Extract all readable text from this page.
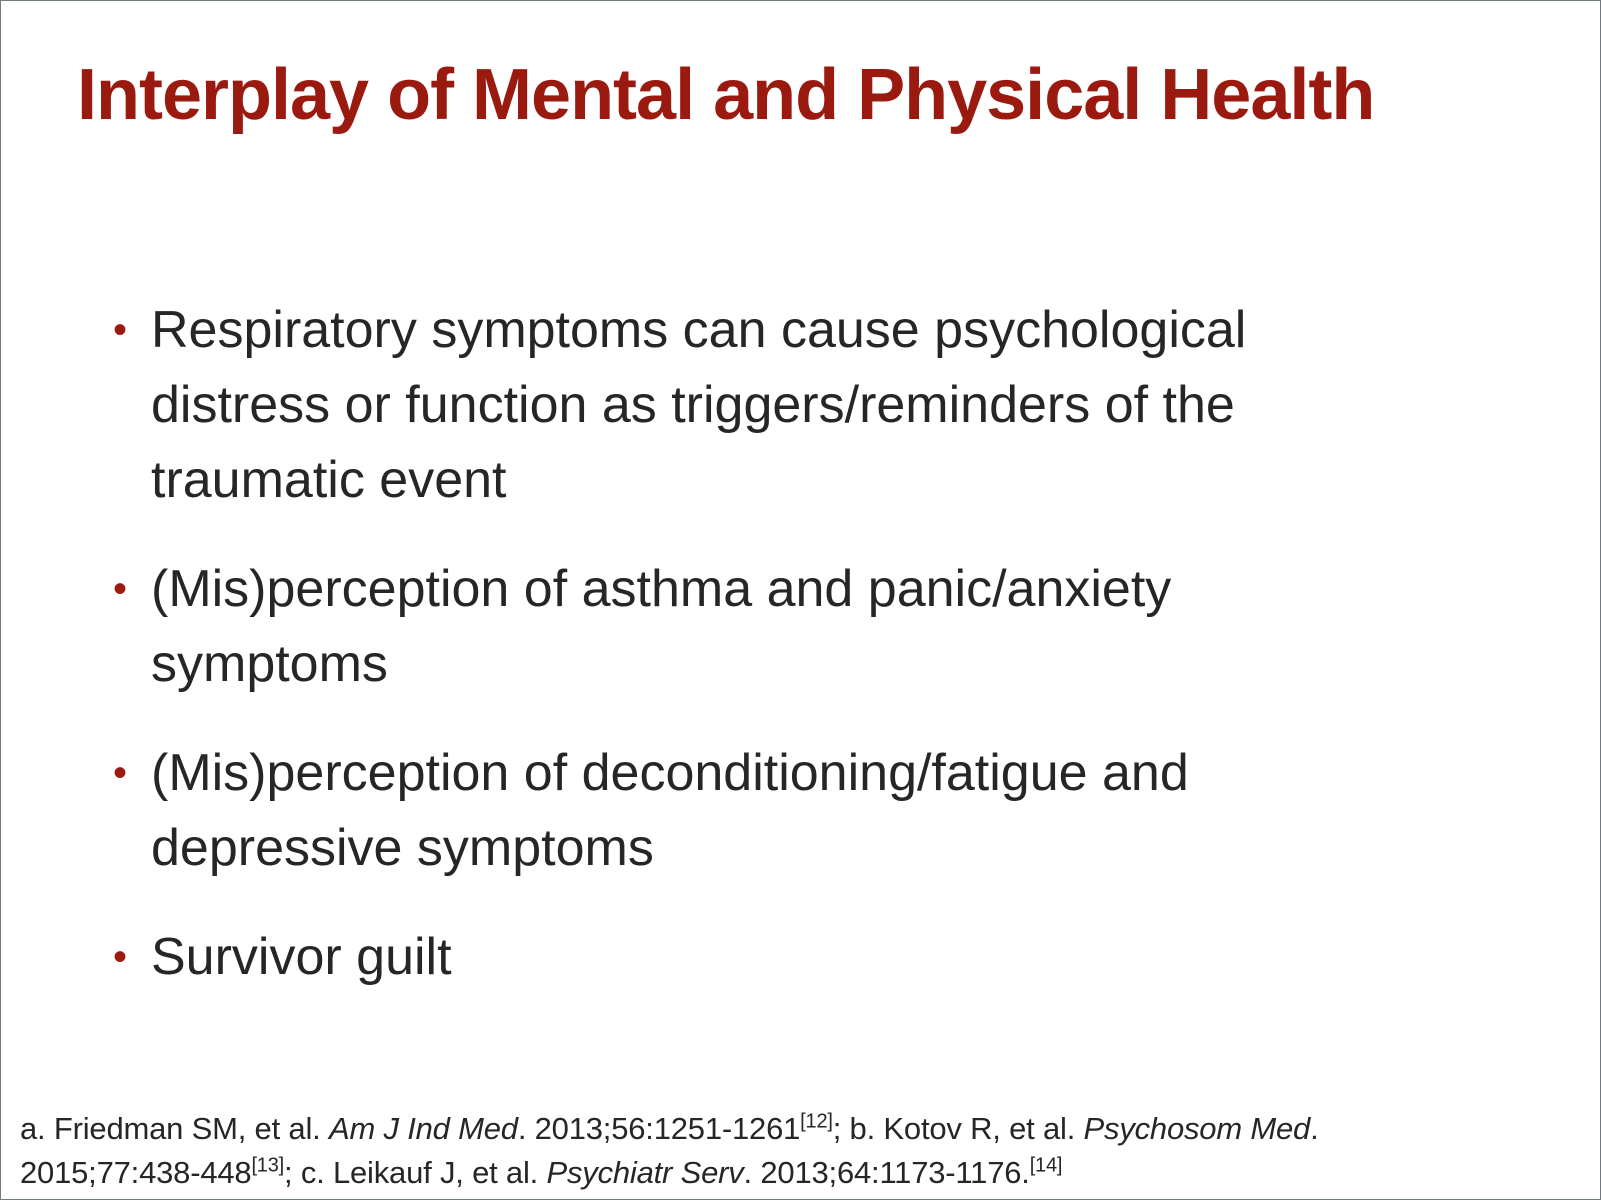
Interplay of Mental and Physical Health
• Respiratory symptoms can cause psychological distress or function as triggers/reminders of the traumatic event
• (Mis)perception of asthma and panic/anxiety symptoms
• (Mis)perception of deconditioning/fatigue and depressive symptoms
• Survivor guilt
a. Friedman SM, et al. Am J Ind Med. 2013;56:1251-1261[12]; b. Kotov R, et al. Psychosom Med.
2015;77:438-448[13]; c. Leikauf J, et al. Psychiatr Serv. 2013;64:1173-1176.[14]
